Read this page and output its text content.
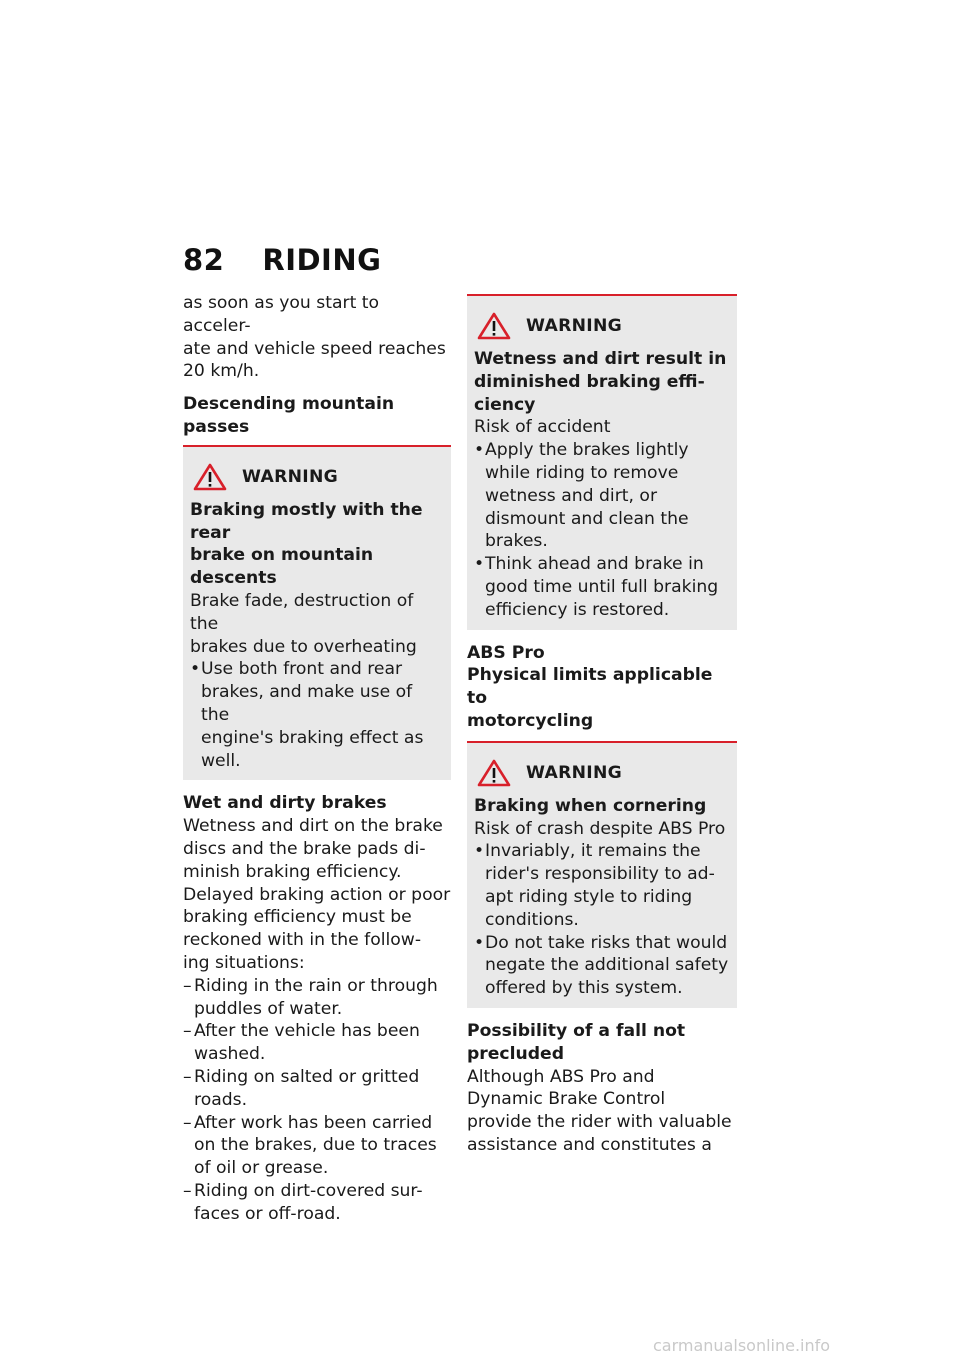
82 RIDING
as soon as you start to acceler-
ate and vehicle speed reaches
20 km/h.
Descending mountain passes
WARNING
Braking mostly with the rear
brake on mountain descents
Brake fade, destruction of the
brakes due to overheating
• Use both front and rear
brakes, and make use of the
engine's braking effect as
well.
Wet and dirty brakes
Wetness and dirt on the brake
discs and the brake pads di-
minish braking efficiency.
Delayed braking action or poor
braking efficiency must be
reckoned with in the follow-
ing situations:
– Riding in the rain or through
puddles of water.
– After the vehicle has been
washed.
– Riding on salted or gritted
roads.
– After work has been carried
on the brakes, due to traces
of oil or grease.
– Riding on dirt-covered sur-
faces or off-road.
WARNING
Wetness and dirt result in
diminished braking effi-
ciency
Risk of accident
• Apply the brakes lightly
while riding to remove
wetness and dirt, or
dismount and clean the
brakes.
• Think ahead and brake in
good time until full braking
efficiency is restored.
ABS Pro
Physical limits applicable to
motorcycling
WARNING
Braking when cornering
Risk of crash despite ABS Pro
• Invariably, it remains the
rider's responsibility to ad-
apt riding style to riding
conditions.
• Do not take risks that would
negate the additional safety
offered by this system.
Possibility of a fall not
precluded
Although ABS Pro and
Dynamic Brake Control
provide the rider with valuable
assistance and constitutes a
carmanualsonline.info
